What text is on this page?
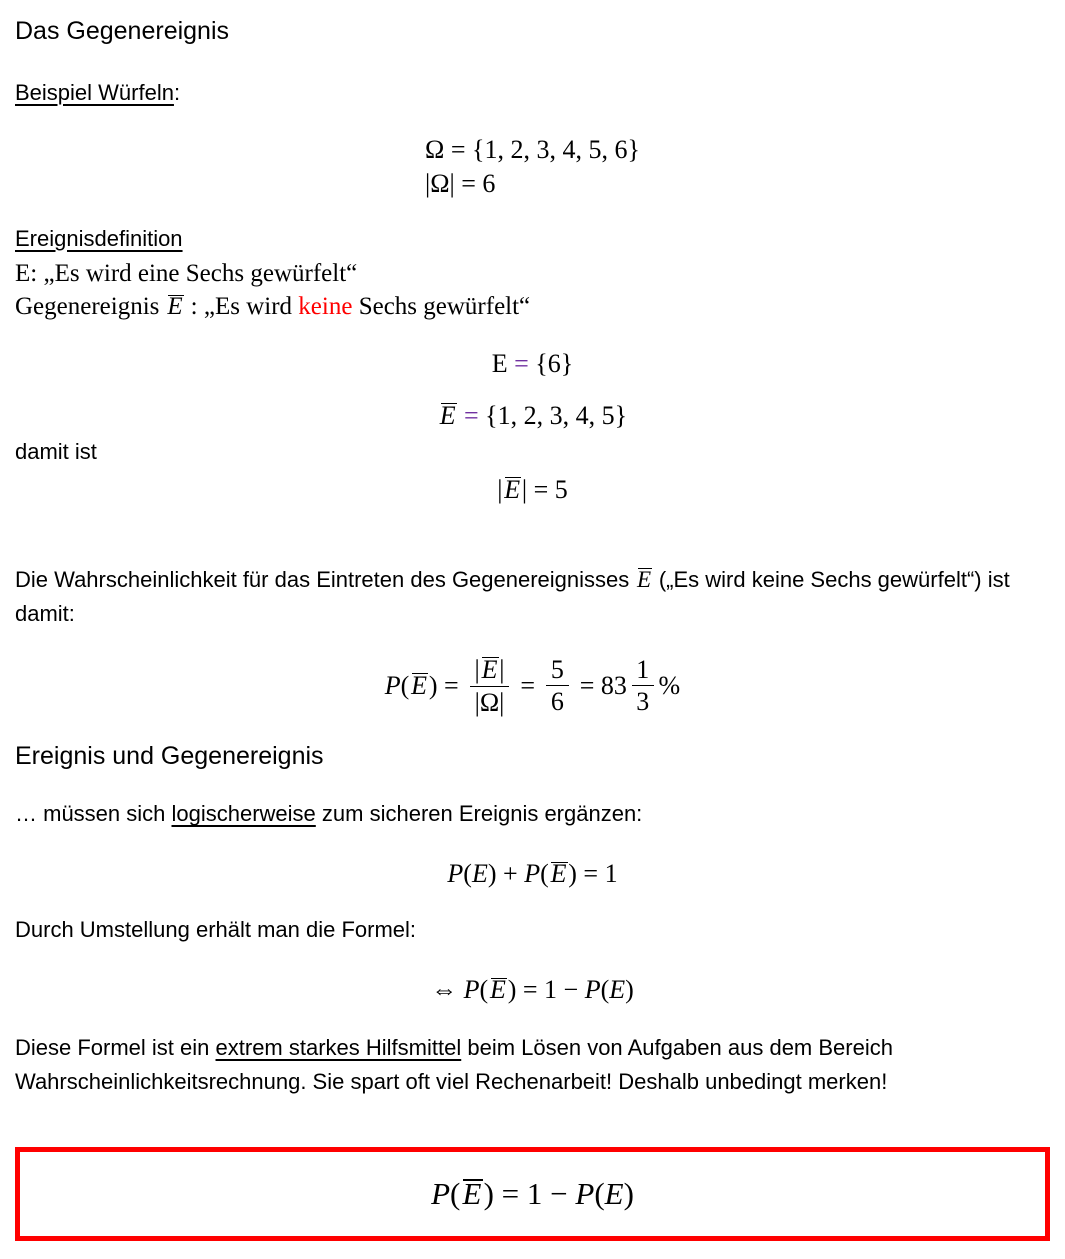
Das Gegenereignis
Beispiel Würfeln:
Ω = {1, 2, 3, 4, 5, 6}
|Ω| = 6
Ereignisdefinition
E: „Es wird eine Sechs gewürfelt“
Gegenereignis E : „Es wird keine Sechs gewürfelt“
E = {6}
E = {1, 2, 3, 4, 5}
damit ist
|E| = 5
Die Wahrscheinlichkeit für das Eintreten des Gegenereignisses E („Es wird keine Sechs gewürfelt“) ist
damit:
$P(E) = \frac{|E|}{|\Omega|} = \frac{5}{6} = 83 \frac{1}{3}$ %
Ereignis und Gegenereignis
… müssen sich logischerweise zum sicheren Ereignis ergänzen:
P(E) + P(E) = 1
Durch Umstellung erhält man die Formel:
⇔ P(E) = 1 − P(E)
Diese Formel ist ein extrem starkes Hilfsmittel beim Lösen von Aufgaben aus dem Bereich
Wahrscheinlichkeitsrechnung. Sie spart oft viel Rechenarbeit! Deshalb unbedingt merken!
P(E) = 1 − P(E)
